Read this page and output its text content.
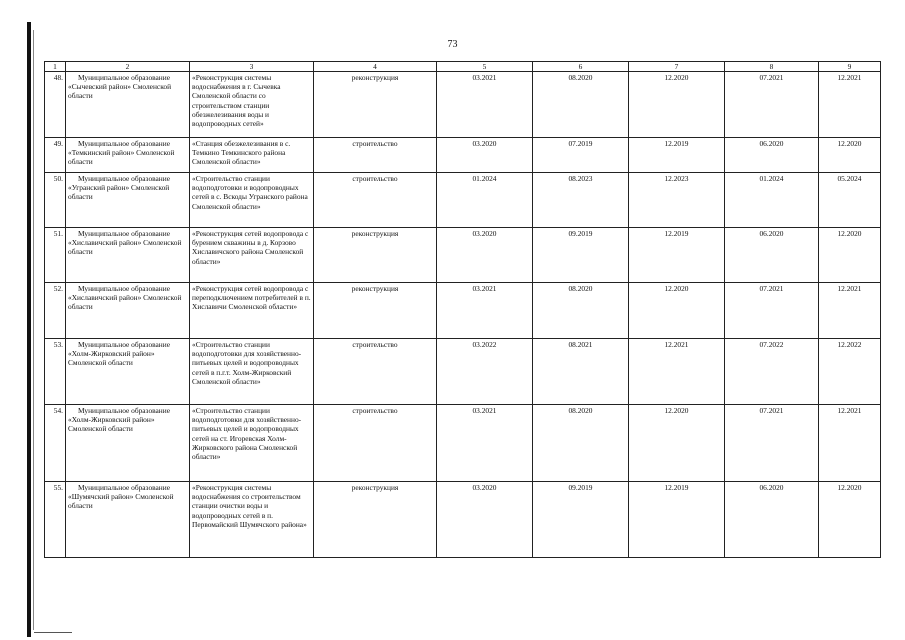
73
1	2	3	4	5	6	7	8	9
48.	Муниципальное образование «Сычевский район» Смоленской области	«Реконструкция системы водоснабжения в г. Сычевка Смоленской области со строительством станции обезжелезивания воды и водопроводных сетей»	реконструкция	03.2021	08.2020	12.2020	07.2021	12.2021
49.	Муниципальное образование «Темкинский район» Смоленской области	«Станция обезжелезивания в с. Темкино Темкинского района Смоленской области»	строительство	03.2020	07.2019	12.2019	06.2020	12.2020
50.	Муниципальное образование «Угранский район» Смоленской области	«Строительство станции водоподготовки и водопроводных сетей в с. Вскоды Угранского района Смоленской области»	строительство	01.2024	08.2023	12.2023	01.2024	05.2024
51.	Муниципальное образование «Хиславичский район» Смоленской области	«Реконструкция сетей водопровода с бурением скважины в д. Корзово Хиславичского района Смоленской области»	реконструкция	03.2020	09.2019	12.2019	06.2020	12.2020
52.	Муниципальное образование «Хиславичский район» Смоленской области	«Реконструкция сетей водопровода с переподключением потребителей в п. Хиславичи Смоленской области»	реконструкция	03.2021	08.2020	12.2020	07.2021	12.2021
53.	Муниципальное образование «Холм-Жирковский район» Смоленской области	«Строительство станции водоподготовки для хозяйственно-питьевых целей и водопроводных сетей в п.г.т. Холм-Жирковский Смоленской области»	строительство	03.2022	08.2021	12.2021	07.2022	12.2022
54.	Муниципальное образование «Холм-Жирковский район» Смоленской области	«Строительство станции водоподготовки для хозяйственно-питьевых целей и водопроводных сетей на ст. Игоревская Холм-Жирковского района Смоленской области»	строительство	03.2021	08.2020	12.2020	07.2021	12.2021
55.	Муниципальное образование «Шумячский район» Смоленской области	«Реконструкция системы водоснабжения со строительством станции очистки воды и водопроводных сетей в п. Первомайский Шумячского района»	реконструкция	03.2020	09.2019	12.2019	06.2020	12.2020
